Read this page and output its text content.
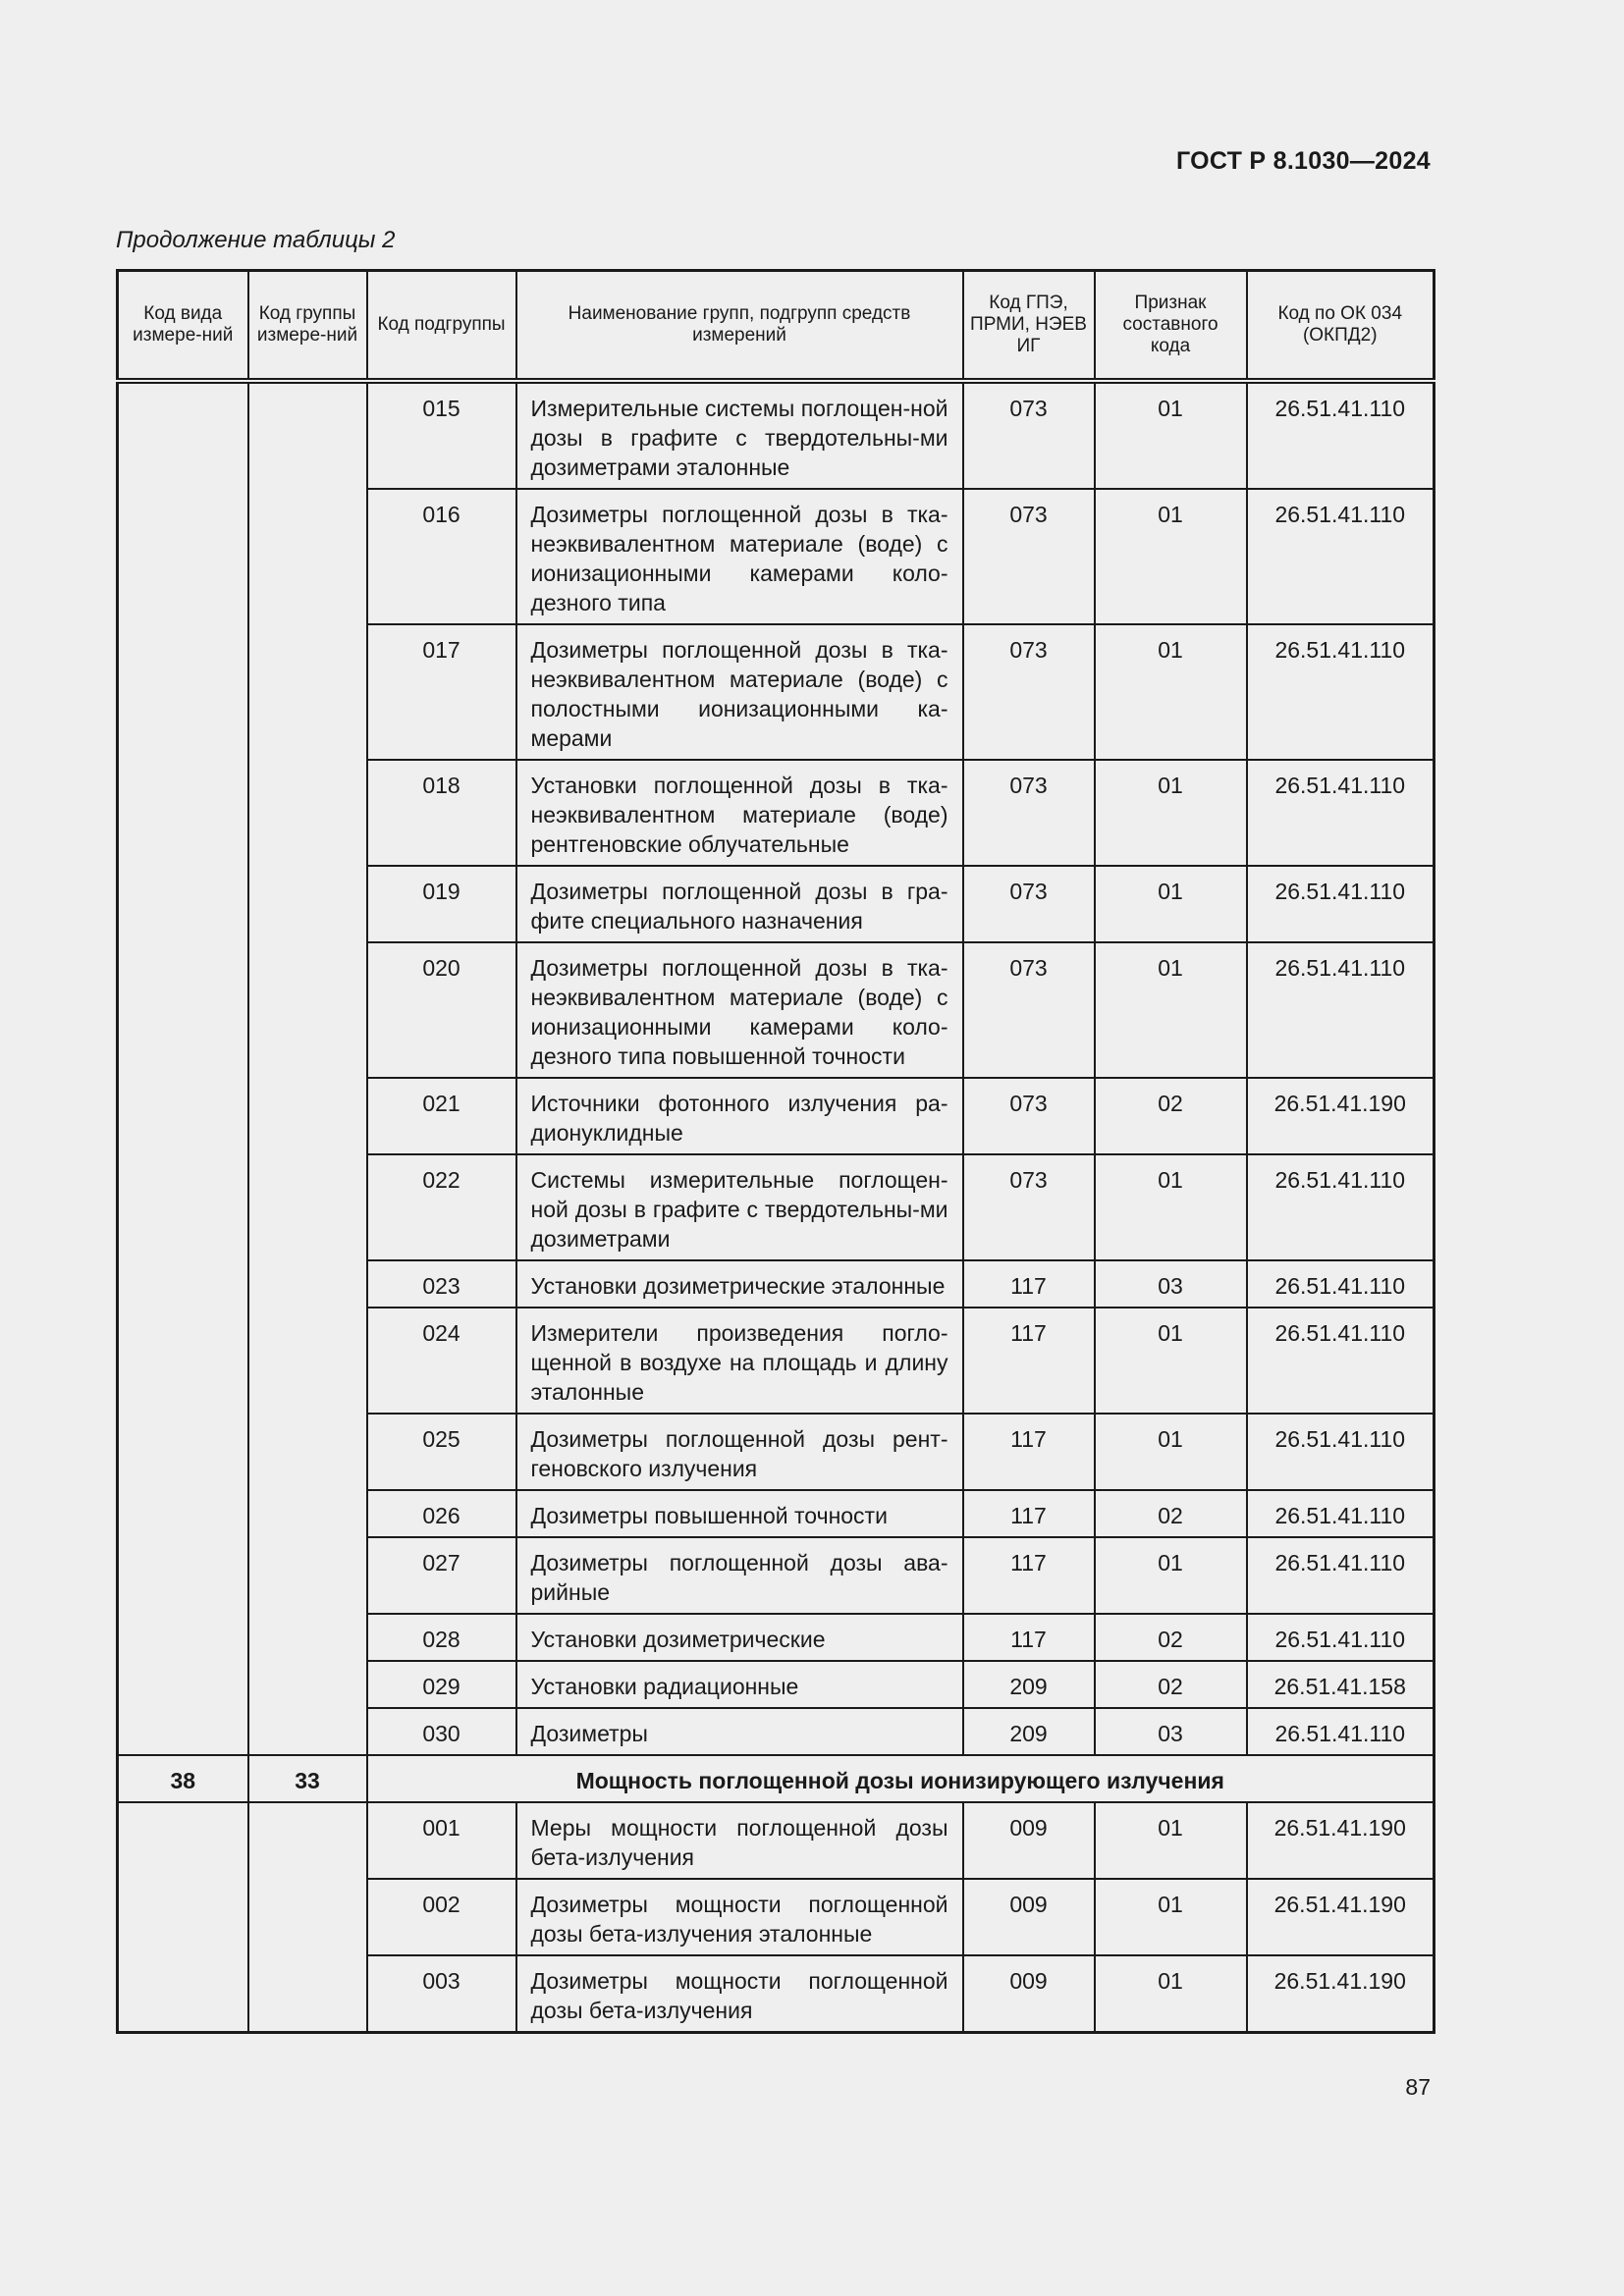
ГОСТ Р 8.1030—2024
Продолжение таблицы 2
Код вида измере-ний	Код группы измере-ний	Код подгруппы	Наименование групп, подгрупп средств измерений	Код ГПЭ, ПРМИ, НЭЕВ ИГ	Признак составного кода	Код по ОК 034 (ОКПД2)
		015	Измерительные системы поглощен-ной дозы в графите с твердотельны-ми дозиметрами эталонные	073	01	26.51.41.110
		016	Дозиметры поглощенной дозы в тка-неэквивалентном материале (воде) с ионизационными камерами коло-дезного типа	073	01	26.51.41.110
		017	Дозиметры поглощенной дозы в тка-неэквивалентном материале (воде) с полостными ионизационными ка-мерами	073	01	26.51.41.110
		018	Установки поглощенной дозы в тка-неэквивалентном материале (воде) рентгеновские облучательные	073	01	26.51.41.110
		019	Дозиметры поглощенной дозы в гра-фите специального назначения	073	01	26.51.41.110
		020	Дозиметры поглощенной дозы в тка-неэквивалентном материале (воде) с ионизационными камерами коло-дезного типа повышенной точности	073	01	26.51.41.110
		021	Источники фотонного излучения ра-дионуклидные	073	02	26.51.41.190
		022	Системы измерительные поглощен-ной дозы в графите с твердотельны-ми дозиметрами	073	01	26.51.41.110
		023	Установки дозиметрические эталонные	117	03	26.51.41.110
		024	Измерители произведения погло-щенной в воздухе на площадь и длину эталонные	117	01	26.51.41.110
		025	Дозиметры поглощенной дозы рент-геновского излучения	117	01	26.51.41.110
		026	Дозиметры повышенной точности	117	02	26.51.41.110
		027	Дозиметры поглощенной дозы ава-рийные	117	01	26.51.41.110
		028	Установки дозиметрические	117	02	26.51.41.110
		029	Установки радиационные	209	02	26.51.41.158
		030	Дозиметры	209	03	26.51.41.110
38	33	Мощность поглощенной дозы ионизирующего излучения				
		001	Меры мощности поглощенной дозы бета-излучения	009	01	26.51.41.190
		002	Дозиметры мощности поглощенной дозы бета-излучения эталонные	009	01	26.51.41.190
		003	Дозиметры мощности поглощенной дозы бета-излучения	009	01	26.51.41.190
87
